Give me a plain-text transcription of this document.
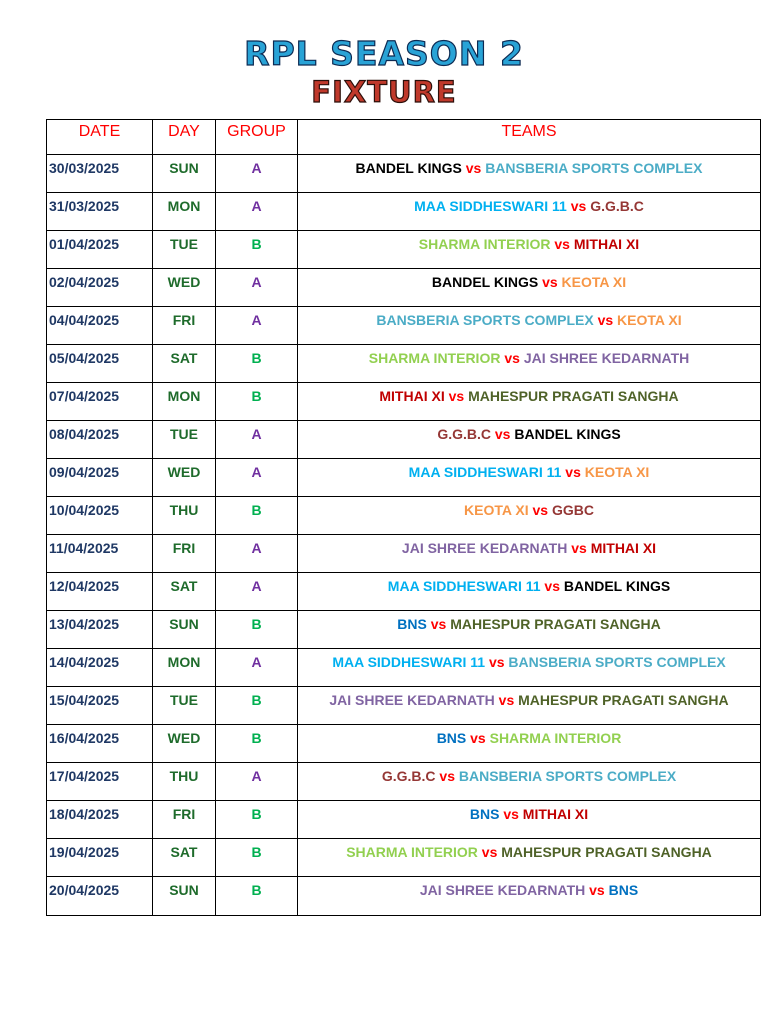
RPL SEASON 2
FIXTURE
DATE	DAY	GROUP	TEAMS
30/03/2025	SUN	A	BANDEL KINGS vs BANSBERIA SPORTS COMPLEX
31/03/2025	MON	A	MAA SIDDHESWARI 11 vs G.G.B.C
01/04/2025	TUE	B	SHARMA INTERIOR vs MITHAI XI
02/04/2025	WED	A	BANDEL KINGS vs KEOTA XI
04/04/2025	FRI	A	BANSBERIA SPORTS COMPLEX vs KEOTA XI
05/04/2025	SAT	B	SHARMA INTERIOR vs JAI SHREE KEDARNATH
07/04/2025	MON	B	MITHAI XI vs MAHESPUR PRAGATI SANGHA
08/04/2025	TUE	A	G.G.B.C vs BANDEL KINGS
09/04/2025	WED	A	MAA SIDDHESWARI 11 vs KEOTA XI
10/04/2025	THU	B	KEOTA XI vs GGBC
11/04/2025	FRI	A	JAI SHREE KEDARNATH vs MITHAI XI
12/04/2025	SAT	A	MAA SIDDHESWARI 11 vs BANDEL KINGS
13/04/2025	SUN	B	BNS vs MAHESPUR PRAGATI SANGHA
14/04/2025	MON	A	MAA SIDDHESWARI 11 vs BANSBERIA SPORTS COMPLEX
15/04/2025	TUE	B	JAI SHREE KEDARNATH vs MAHESPUR PRAGATI SANGHA
16/04/2025	WED	B	BNS vs SHARMA INTERIOR
17/04/2025	THU	A	G.G.B.C vs BANSBERIA SPORTS COMPLEX
18/04/2025	FRI	B	BNS vs MITHAI XI
19/04/2025	SAT	B	SHARMA INTERIOR vs MAHESPUR PRAGATI SANGHA
20/04/2025	SUN	B	JAI SHREE KEDARNATH vs BNS
